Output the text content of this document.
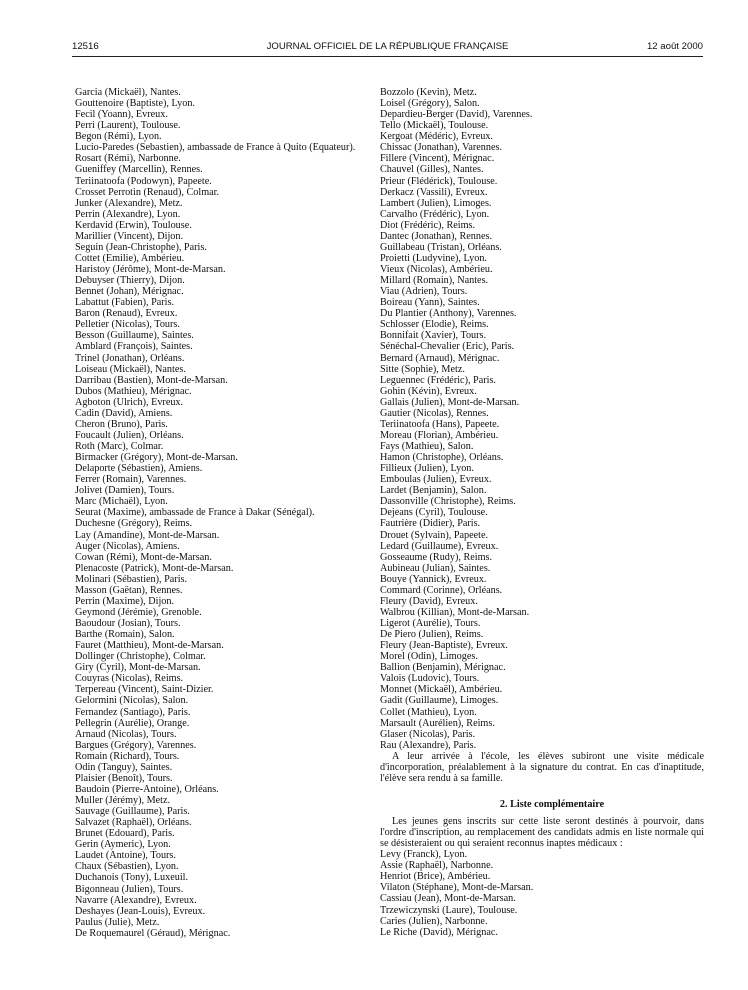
12516	JOURNAL OFFICIEL DE LA RÉPUBLIQUE FRANÇAISE	12 août 2000
Garcia (Mickaël), Nantes.
Gouttenoire (Baptiste), Lyon.
Fecil (Yoann), Evreux.
Perri (Laurent), Toulouse.
Begon (Rémi), Lyon.
Lucio-Paredes (Sebastien), ambassade de France à Quito (Equateur).
Rosart (Rémi), Narbonne.
Gueniffey (Marcellin), Rennes.
Teriinatoofa (Podowyn), Papeete.
Crosset Perrotin (Renaud), Colmar.
Junker (Alexandre), Metz.
Perrin (Alexandre), Lyon.
Kerdavid (Erwin), Toulouse.
Marillier (Vincent), Dijon.
Seguin (Jean-Christophe), Paris.
Cottet (Emilie), Ambérieu.
Haristoy (Jérôme), Mont-de-Marsan.
Debuyser (Thierry), Dijon.
Bennet (Johan), Mérignac.
Labattut (Fabien), Paris.
Baron (Renaud), Evreux.
Pelletier (Nicolas), Tours.
Besson (Guillaume), Saintes.
Amblard (François), Saintes.
Trinel (Jonathan), Orléans.
Loiseau (Mickaël), Nantes.
Darribau (Bastien), Mont-de-Marsan.
Dubos (Mathieu), Mérignac.
Agboton (Ulrich), Evreux.
Cadin (David), Amiens.
Cheron (Bruno), Paris.
Foucault (Julien), Orléans.
Roth (Marc), Colmar.
Birmacker (Grégory), Mont-de-Marsan.
Delaporte (Sébastien), Amiens.
Ferrer (Romain), Varennes.
Jolivet (Damien), Tours.
Marc (Michaël), Lyon.
Seurat (Maxime), ambassade de France à Dakar (Sénégal).
Duchesne (Grégory), Reims.
Lay (Amandine), Mont-de-Marsan.
Auger (Nicolas), Amiens.
Cowan (Rémi), Mont-de-Marsan.
Plenacoste (Patrick), Mont-de-Marsan.
Molinari (Sébastien), Paris.
Masson (Gaëtan), Rennes.
Perrin (Maxime), Dijon.
Geymond (Jérémie), Grenoble.
Baoudour (Josian), Tours.
Barthe (Romain), Salon.
Fauret (Matthieu), Mont-de-Marsan.
Dollinger (Christophe), Colmar.
Giry (Cyril), Mont-de-Marsan.
Couyras (Nicolas), Reims.
Terpereau (Vincent), Saint-Dizier.
Gelormini (Nicolas), Salon.
Fernandez (Santiago), Paris.
Pellegrin (Aurélie), Orange.
Arnaud (Nicolas), Tours.
Bargues (Grégory), Varennes.
Romain (Richard), Tours.
Odin (Tanguy), Saintes.
Plaisier (Benoît), Tours.
Baudoin (Pierre-Antoine), Orléans.
Muller (Jérémy), Metz.
Sauvage (Guillaume), Paris.
Salvazet (Raphaël), Orléans.
Brunet (Edouard), Paris.
Gerin (Aymeric), Lyon.
Laudet (Antoine), Tours.
Chaux (Sébastien), Lyon.
Duchanois (Tony), Luxeuil.
Bigonneau (Julien), Tours.
Navarre (Alexandre), Evreux.
Deshayes (Jean-Louis), Evreux.
Paulus (Julie), Metz.
De Roquemaurel (Géraud), Mérignac.
Bozzolo (Kevin), Metz.
Loisel (Grégory), Salon.
Depardieu-Berger (David), Varennes.
Tello (Mickaël), Toulouse.
Kergoat (Médéric), Evreux.
Chissac (Jonathan), Varennes.
Fillere (Vincent), Mérignac.
Chauvel (Gilles), Nantes.
Prieur (Flédérick), Toulouse.
Derkacz (Vassili), Evreux.
Lambert (Julien), Limoges.
Carvalho (Frédéric), Lyon.
Diot (Frédéric), Reims.
Dantec (Jonathan), Rennes.
Guillabeau (Tristan), Orléans.
Proietti (Ludyvine), Lyon.
Vieux (Nicolas), Ambérieu.
Millard (Romain), Nantes.
Viau (Adrien), Tours.
Boireau (Yann), Saintes.
Du Plantier (Anthony), Varennes.
Schlosser (Elodie), Reims.
Bonnifait (Xavier), Tours.
Sénéchal-Chevalier (Eric), Paris.
Bernard (Arnaud), Mérignac.
Sitte (Sophie), Metz.
Leguennec (Frédéric), Paris.
Gohin (Kévin), Evreux.
Gallais (Julien), Mont-de-Marsan.
Gautier (Nicolas), Rennes.
Teriinatoofa (Hans), Papeete.
Moreau (Florian), Ambérieu.
Fays (Mathieu), Salon.
Hamon (Christophe), Orléans.
Fillieux (Julien), Lyon.
Emboulas (Julien), Evreux.
Lardet (Benjamin), Salon.
Dassonville (Christophe), Reims.
Dejeans (Cyril), Toulouse.
Fautrière (Didier), Paris.
Drouet (Sylvain), Papeete.
Ledard (Guillaume), Evreux.
Gosseaume (Rudy), Reims.
Aubineau (Julian), Saintes.
Bouye (Yannick), Evreux.
Commard (Corinne), Orléans.
Fleury (David), Evreux.
Walbrou (Killian), Mont-de-Marsan.
Ligerot (Aurélie), Tours.
De Piero (Julien), Reims.
Fleury (Jean-Baptiste), Evreux.
Morel (Odin), Limoges.
Ballion (Benjamin), Mérignac.
Valois (Ludovic), Tours.
Monnet (Mickaël), Ambérieu.
Gadit (Guillaume), Limoges.
Collet (Mathieu), Lyon.
Marsault (Aurélien), Reims.
Glaser (Nicolas), Paris.
Rau (Alexandre), Paris.
A leur arrivée à l'école, les élèves subiront une visite médicale d'incorporation, préalablement à la signature du contrat. En cas d'inaptitude, l'élève sera rendu à sa famille.
2. Liste complémentaire
Les jeunes gens inscrits sur cette liste seront destinés à pourvoir, dans l'ordre d'inscription, au remplacement des candidats admis en liste normale qui se désisteraient ou qui seraient reconnus inaptes médicaux :
Levy (Franck), Lyon.
Assie (Raphaël), Narbonne.
Henriot (Brice), Ambérieu.
Vilaton (Stéphane), Mont-de-Marsan.
Cassiau (Jean), Mont-de-Marsan.
Trzewiczynski (Laure), Toulouse.
Caries (Julien), Narbonne.
Le Riche (David), Mérignac.
